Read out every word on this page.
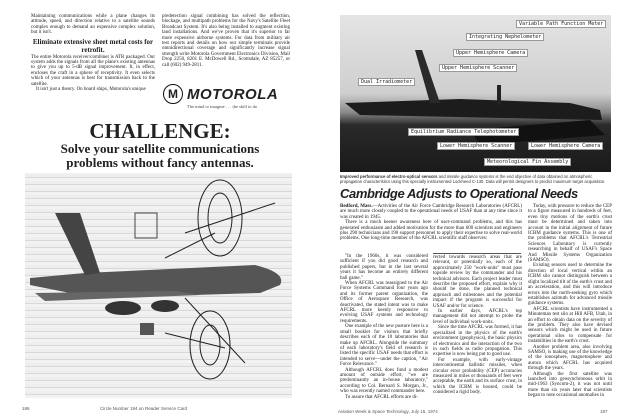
Maintaining communications while a plane changes its attitude, speed, and direction relative to a satellite sounds complex enough to demand an expensive complex solution, but it isn't.

Eliminate extensive sheet metal costs for retrofit.

The entire Motorola receiver/combiner is ATR packaged. Our system adds the signals from all the plane's existing antennas to give you up to 5-dB signal improvement. It, in effect, encloses the craft in a sphere of receptivity. It even selects which of your antennas is best for transmission back to the satellite.

It isn't just a theory. On board ships, Motorola's unique

predetection signal combining has solved the reflection, blockage, and multipath problems for the Navy's Satellite Fleet Broadcast System. It's also being installed to augment existing land installations. And we've proven that it's superior to far more expensive airborne systems. For data from military air test reports and details on how our simple terminals provide omnidirectional coverage and significantly increase signal strength write Motorola Government Electronics Division, Mail Drop 2250, 8201 E. McDowell Rd., Scottsdale, AZ 85257, or call (602) 949-2811.

M MOTOROLA
The mind to imagine . . . the skill to do
CHALLENGE:
Solve your satellite communications
problems without fancy antennas.
186	Circle Number 194 on Reader Service Card
Variable Path Function Meter
Integrating Nephelometer
Upper Hemisphere Camera
Upper Hemisphere Scanner
Dual Irradiometer
Equilibrium Radiance Telephotometer
Lower Hemisphere Scanner	Lower Hemisphere Camera
Meteorological Fin Assembly
Improved performance of electro-optical sensors and missile guidance systems is the end objective of data obtained on atmospheric propagation characteristics using this specially instrumented Lockheed C-130. Data will permit designers to predict maximum target acquisition.
Cambridge Adjusts to Operational Needs

Bedford, Mass.—Activities of the Air Force Cambridge Research Laboratories (AFCRL) are much more closely coupled to the operational needs of USAF than at any time since it was created in 1945.

There is a much keener awareness here of user-command problems, and this has generated enthusiasm and added motivation for the more than 600 scientists and engineers plus 290 technicians and 190 support personnel to apply their expertise to solve real-world problems. One long-time member of the AFCRL scientific staff observes:

"In the 1960s, it was considered sufficient if you did good research and published papers, but in the last several years it has become an entirely different ball game."

When AFCRL was reassigned to the Air Force Systems Command four years ago and its former parent organization, the Office of Aerospace Research, was deactivated, the stated intent was to make AFCRL more keenly responsive to evolving USAF systems and technology requirements.

One example of the new posture here is a small booklet for visitors that briefly describes each of the 10 laboratories that make up AFCRL. Alongside the summary of each laboratory's field of research is listed the specific USAF needs that effort is intended to serve—under the caption, "Air Force Relevance."

Although AFCRL does fund a modest amount of outside effort, "we are predominantly an in-house laboratory," according to Col. Bernard S. Morgan, Jr., who was recently named commander here.

To assure that AFCRL efforts are di-

rected towards research areas that are relevant, or potentially so, each of the approximately 250 "work-units" must pass topside review by the commander and his technical advisors. Each project leader must describe the proposed effort, explain why it should be done, the planned technical approach and milestones and the potential impact if the program is successful for USAF and/or for science.

In earlier days, AFCRL's top management did not attempt to probe the level of individual work-units.

Since the time AFCRL was formed, it has specialized in the physics of the earth's environment (geophysics), the basic physics of electronics and the interaction of the two in such fields as radio propagation. This expertise is now being put to good use.

For example, with early-vintage intercontinental ballistic missiles, when circular error probability (CEP) accuracies measured in miles or thousands of feet were acceptable, the earth and its surface crust, in which the ICBM is housed, could be considered a rigid body.

Today, with pressure to reduce the CEP to a figure measured in hundreds of feet, even tiny motions of the earth's crust must be determined and taken into account in the initial alignment of future ICBM guidance systems. This is one of the problems that AFCRL's Terrestrial Sciences Laboratory is currently researching in behalf of USAF's Space And Missile Systems Organization (SAMSO).

Existing sensors used to determine the direction of local vertical within an ICBM silo cannot distinguish between a slight localized tilt of the earth's crust and an acceleration, and this will introduce errors into the north-seeking gyro which establishes azimuth for advanced missile guidance systems.

AFCRL scientists have instrumented a Minuteman test silo at Hill AFB, Utah, in an effort to obtain data on the severity of the problem. They also have devised sensors which might be used in future operational silos to compensate for instabilities in the earth's crust.

Another problem area, also involving SAMSO, is making use of the knowledge of the ionosphere, magnetosphere and aurora which AFCRL has acquired through the years.

Although the first satellite was launched into geosynchronous orbit in mid-1963 (Syncom-2), it was not until more than six years later that scientists began to note occasional anomalies in

Aviation Week & Space Technology, July 15, 1974	187
